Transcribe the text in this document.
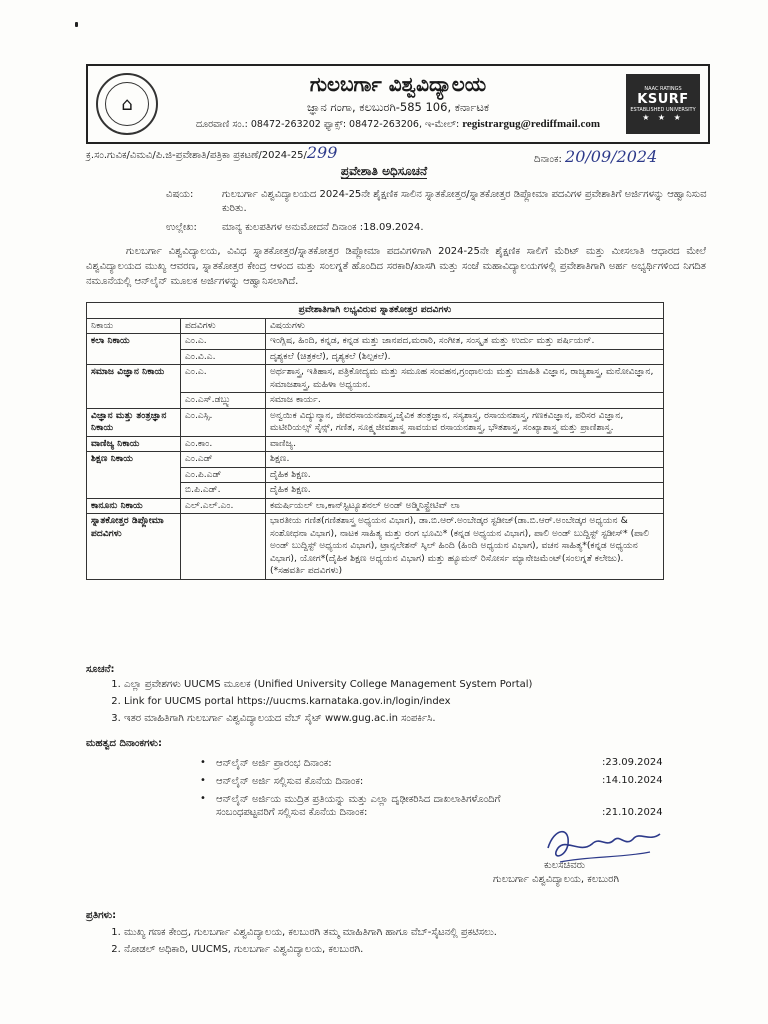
⌂
ಗುಲಬರ್ಗಾ ವಿಶ್ವವಿದ್ಯಾಲಯ
ಜ್ಞಾನ ಗಂಗಾ, ಕಲಬುರಗಿ-585 106, ಕರ್ನಾಟಕ
ದೂರವಾಣಿ ಸಂ.: 08472-263202 ಫ್ಯಾಕ್ಸ್: 08472-263206, ಇ-ಮೇಲ್: registrargug@rediffmail.com
NAAC RATINGS
KSURF
ESTABLISHED UNIVERSITY
★ ★ ★
ಕ್ರ.ಸಂ.ಗುವಿಕ/ವಿಮವಿ/ಪಿ.ಜಿ-ಪ್ರವೇಶಾತಿ/ಪತ್ರಿಕಾ ಪ್ರಕಟಣೆ/2024-25/299	ದಿನಾಂಕ: 20/09/2024
ಪ್ರವೇಶಾತಿ ಅಧಿಸೂಚನೆ
ವಿಷಯ:	ಗುಲಬರ್ಗಾ ವಿಶ್ವವಿದ್ಯಾಲಯದ 2024-25ನೇ ಶೈಕ್ಷಣಿಕ ಸಾಲಿನ ಸ್ನಾತಕೋತ್ತರ/ಸ್ನಾತಕೋತ್ತರ ಡಿಪ್ಲೋಮಾ ಪದವಿಗಳ ಪ್ರವೇಶಾತಿಗೆ ಅರ್ಜಿಗಳನ್ನು ಆಹ್ವಾನಿಸುವ ಕುರಿತು.
ಉಲ್ಲೇಖ:	ಮಾನ್ಯ ಕುಲಪತಿಗಳ ಅನುಮೋದನೆ ದಿನಾಂಕ :18.09.2024.
ಗುಲಬರ್ಗಾ ವಿಶ್ವವಿದ್ಯಾಲಯ, ವಿವಿಧ ಸ್ನಾತಕೋತ್ತರ/ಸ್ನಾತಕೋತ್ತರ ಡಿಪ್ಲೋಮಾ ಪದವಿಗಳಿಗಾಗಿ 2024-25ನೇ ಶೈಕ್ಷಣಿಕ ಸಾಲಿಗೆ ಮೆರಿಟ್ ಮತ್ತು ಮೀಸಲಾತಿ ಆಧಾರದ ಮೇಲೆ ವಿಶ್ವವಿದ್ಯಾಲಯದ ಮುಖ್ಯ ಆವರಣ, ಸ್ನಾತಕೋತ್ತರ ಕೇಂದ್ರ ಆಳಂದ ಮತ್ತು ಸಂಲಗ್ನತೆ ಹೊಂದಿದ ಸರಕಾರಿ/ಖಾಸಗಿ ಮತ್ತು ಸಂಜೆ ಮಹಾವಿದ್ಯಾಲಯಗಳಲ್ಲಿ ಪ್ರವೇಶಾತಿಗಾಗಿ ಅರ್ಹ ಅಭ್ಯರ್ಥಿಗಳಿಂದ ನಿಗದಿತ ನಮೂನೆಯಲ್ಲಿ ಆನ್‌ಲೈನ್ ಮೂಲಕ ಅರ್ಜಿಗಳನ್ನು ಆಹ್ವಾನಿಸಲಾಗಿದೆ.
ಪ್ರವೇಶಾತಿಗಾಗಿ ಲಭ್ಯವಿರುವ ಸ್ನಾತಕೋತ್ತರ ಪದವಿಗಳು		
ನಿಕಾಯ	ಪದವಿಗಳು	ವಿಷಯಗಳು
ಕಲಾ ನಿಕಾಯ	ಎಂ.ಎ.	ಇಂಗ್ಲಿಷ, ಹಿಂದಿ, ಕನ್ನಡ, ಕನ್ನಡ ಮತ್ತು ಜಾನಪದ,ಮರಾಠಿ, ಸಂಗೀತ, ಸಂಸ್ಕೃತ ಮತ್ತು ಉರ್ದು ಮತ್ತು ಪರ್ಷಿಯನ್.
	ಎಂ.ವಿ.ಎ.	ದೃಶ್ಯಕಲೆ (ಚಿತ್ರಕಲೆ), ದೃಶ್ಯಕಲೆ (ಶಿಲ್ಪಕಲೆ).
ಸಮಾಜ ವಿಜ್ಞಾನ ನಿಕಾಯ	ಎಂ.ಎ.	ಅರ್ಥಶಾಸ್ತ್ರ, ಇತಿಹಾಸ, ಪತ್ರಿಕೋದ್ಯಮ ಮತ್ತು ಸಮೂಹ ಸಂವಹನ,ಗ್ರಂಥಾಲಯ ಮತ್ತು ಮಾಹಿತಿ ವಿಜ್ಞಾನ, ರಾಜ್ಯಶಾಸ್ತ್ರ, ಮನೋವಿಜ್ಞಾನ, ಸಮಾಜಶಾಸ್ತ್ರ, ಮಹಿಳಾ ಅಧ್ಯಯನ.
	ಎಂ.ಎಸ್.ಡಬ್ಲ್ಯು	ಸಮಾಜ ಕಾರ್ಯ.
ವಿಜ್ಞಾನ ಮತ್ತು ತಂತ್ರಜ್ಞಾನ ನಿಕಾಯ	ಎಂ.ಎಸ್ಸಿ.	ಅನ್ವಯಿಕ ವಿದ್ಯುನ್ಮಾನ, ಜೀವರಸಾಯನಶಾಸ್ತ್ರ,ಜೈವಿಕ ತಂತ್ರಜ್ಞಾನ, ಸಸ್ಯಶಾಸ್ತ್ರ, ರಸಾಯನಶಾಸ್ತ್ರ, ಗಣಕವಿಜ್ಞಾನ, ಪರಿಸರ ವಿಜ್ಞಾನ, ಮಟೀರಿಯಲ್ಸ್ ಸೈನ್ಸ್, ಗಣಿತ, ಸೂಕ್ಷ್ಮಜೀವಶಾಸ್ತ್ರ ಸಾವಯವ ರಸಾಯನಶಾಸ್ತ್ರ, ಭೌತಶಾಸ್ತ್ರ, ಸಂಖ್ಯಾಶಾಸ್ತ್ರ ಮತ್ತು ಪ್ರಾಣಿಶಾಸ್ತ್ರ.
ವಾಣಿಜ್ಯ ನಿಕಾಯ	ಎಂ.ಕಾಂ.	ವಾಣಿಜ್ಯ.
ಶಿಕ್ಷಣ ನಿಕಾಯ	ಎಂ.ಎಡ್	ಶಿಕ್ಷಣ.
	ಎಂ.ಪಿ.ಎಡ್	ದೈಹಿಕ ಶಿಕ್ಷಣ.
	ಬಿ.ಪಿ.ಎಡ್.	ದೈಹಿಕ ಶಿಕ್ಷಣ.
ಕಾನೂನು ನಿಕಾಯ	ಎಲ್.ಎಲ್.ಎಂ.	ಕಮರ್ಷಿಯಲ್ ಲಾ,ಕಾನ್‌ಸ್ಟಿಟ್ಯೂಶನಲ್ ಅಂಡ್ ಅಡ್ಮಿನಿಸ್ಟ್ರೇಟಿವ್ ಲಾ
ಸ್ನಾತಕೋತ್ತರ ಡಿಪ್ಲೋಮಾ ಪದವಿಗಳು		ಭಾರತೀಯ ಗಣಿತ(ಗಣಿತಶಾಸ್ತ್ರ ಅಧ್ಯಯನ ವಿಭಾಗ), ಡಾ.ಬಿ.ಆರ್.ಅಂಬೇಡ್ಕರ ಸ್ಟಡೀಜ್(ಡಾ.ಬಿ.ಆರ್.ಅಂಬೇಡ್ಕರ ಅಧ್ಯಯನ & ಸಂಶೋಧನಾ ವಿಭಾಗ), ನಾಟಕ ಸಾಹಿತ್ಯ ಮತ್ತು ರಂಗ ಭೂಮಿ* (ಕನ್ನಡ ಅಧ್ಯಯನ ವಿಭಾಗ), ಪಾಲಿ ಅಂಡ್ ಬುದ್ದಿಸ್ಟ್ ಸ್ಟಡೀಸ್* (ಪಾಲಿ ಅಂಡ್ ಬುದ್ದಿಸ್ಟ್ ಅಧ್ಯಯನ ವಿಭಾಗ), ಟ್ರಾನ್ಸಲೇಶನ್ ಸ್ಕಿಲ್ ಹಿಂದಿ (ಹಿಂದಿ ಅಧ್ಯಯನ ವಿಭಾಗ), ವಚನ ಸಾಹಿತ್ಯ*(ಕನ್ನಡ ಅಧ್ಯಯನ ವಿಭಾಗ), ಯೋಗ*(ದೈಹಿಕ ಶಿಕ್ಷಣ ಅಧ್ಯಯನ ವಿಭಾಗ) ಮತ್ತು ಹ್ಯೂಮನ್ ರಿಸೋರ್ಸ ಮ್ಯಾನೇಜಮೆಂಟ್(ಸಂಲಗ್ನತೆ ಕಲೇಜು). (*ಸಹವರ್ತಿ ಪದವಿಗಳು)
ಸೂಚನೆ:
1. ಎಲ್ಲಾ ಪ್ರವೇಶಗಳು UUCMS ಮೂಲಕ (Unified University College Management System Portal)
2. Link for UUCMS portal https://uucms.karnataka.gov.in/login/index
3. ಇತರ ಮಾಹಿತಿಗಾಗಿ ಗುಲಬರ್ಗಾ ವಿಶ್ವವಿದ್ಯಾಲಯದ ವೆಬ್ ಸೈಟ್ www.gug.ac.in ಸಂಪರ್ಕಿಸಿ.
ಮಹತ್ವದ ದಿನಾಂಕಗಳು:
• ಆನ್‌ಲೈನ್ ಅರ್ಜಿ ಪ್ರಾರಂಭ ದಿನಾಂಕ:	:23.09.2024
• ಆನ್‌ಲೈನ್ ಅರ್ಜಿ ಸಲ್ಲಿಸುವ ಕೊನೆಯ ದಿನಾಂಕ:	:14.10.2024
• ಆನ್‌ಲೈನ್ ಅರ್ಜಿಯ ಮುದ್ರಿತ ಪ್ರತಿಯನ್ನು ಮತ್ತು ಎಲ್ಲಾ ದೃಢೀಕರಿಸಿದ ದಾಖಲಾತಿಗಳೊಂದಿಗೆ ಸಂಬಂಧಪಟ್ಟವರಿಗೆ ಸಲ್ಲಿಸುವ ಕೊನೆಯ ದಿನಾಂಕ:	:21.10.2024
ಕುಲಸಚಿವರು
ಗುಲಬರ್ಗಾ ವಿಶ್ವವಿದ್ಯಾಲಯ, ಕಲಬುರಗಿ
ಪ್ರತಿಗಳು:
1. ಮುಖ್ಯ ಗಣಕ ಕೇಂದ್ರ, ಗುಲಬರ್ಗಾ ವಿಶ್ವವಿದ್ಯಾಲಯ, ಕಲಬುರಗಿ ತಮ್ಮ ಮಾಹಿತಿಗಾಗಿ ಹಾಗೂ ವೆಬ್-ಸೈಟನಲ್ಲಿ ಪ್ರಕಟಿಸಲು.
2. ನೋಡಲ್ ಅಧಿಕಾರಿ, UUCMS, ಗುಲಬರ್ಗಾ ವಿಶ್ವವಿದ್ಯಾಲಯ, ಕಲಬುರಗಿ.
